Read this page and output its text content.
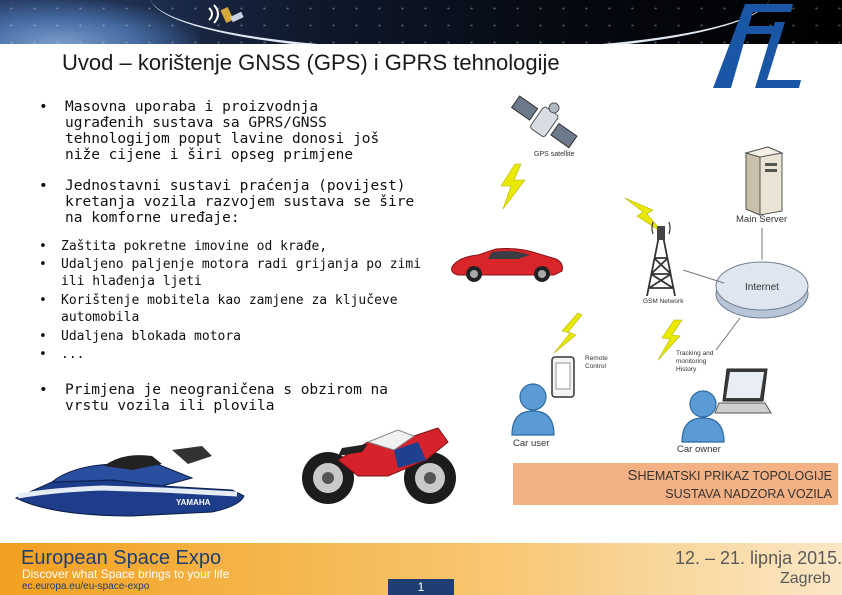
Uvod – korištenje GNSS (GPS) i GPRS tehnologije
• Masovna uporaba i proizvodnja
ugrađenih sustava sa GPRS/GNSS
tehnologijom poput lavine donosi još
niže cijene i širi opseg primjene
• Jednostavni sustavi praćenja (povijest)
kretanja vozila razvojem sustava se šire
na komforne uređaje:
• Zaštita pokretne imovine od krađe,
• Udaljeno paljenje motora radi grijanja po zimi
ili hlađenja ljeti
• Korištenje mobitela kao zamjene za ključeve
automobila
• Udaljena blokada motora
• ...
• Primjena je neograničena s obzirom na
vrstu vozila ili plovila
GPS satellite
Main Server
GSM Network
Internet
Remote
Control
Tracking and
monitoring
History
Car user
Car owner
SHEMATSKI PRIKAZ TOPOLOGIJE
SUSTAVA NADZORA VOZILA
YAMAHA
European Space Expo
Discover what Space brings to your life
ec.europa.eu/eu-space-expo
12. – 21. lipnja 2015.
Zagreb
1
